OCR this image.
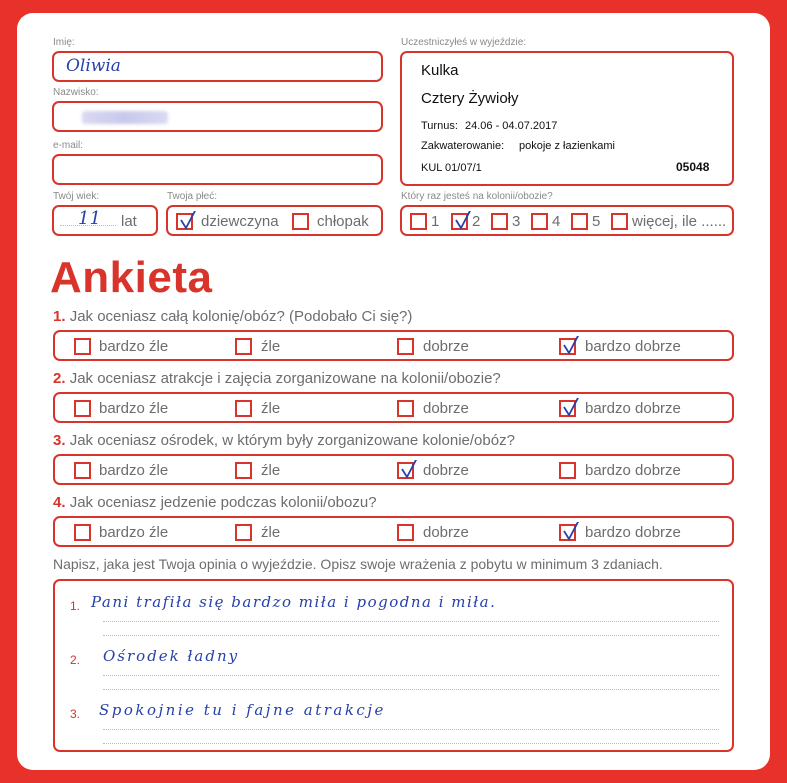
Imię:
Oliwia
Nazwisko:
e-mail:
Twój wiek:
11 lat
Twoja płeć:
dziewczyna	chłopak
Uczestniczyłeś w wyjeździe:
Kulka
Cztery Żywioły
Turnus: 24.06 - 04.07.2017
Zakwaterowanie: pokoje z łazienkami
KUL 01/07/1	05048
Który raz jesteś na kolonii/obozie?
1 2 3 4 5 więcej, ile ......
Ankieta
1. Jak oceniasz całą kolonię/obóz? (Podobało Ci się?)
bardzo źle	źle	dobrze	bardzo dobrze
2. Jak oceniasz atrakcje i zajęcia zorganizowane na kolonii/obozie?
bardzo źle	źle	dobrze	bardzo dobrze
3. Jak oceniasz ośrodek, w którym były zorganizowane kolonie/obóz?
bardzo źle	źle	dobrze	bardzo dobrze
4. Jak oceniasz jedzenie podczas kolonii/obozu?
bardzo źle	źle	dobrze	bardzo dobrze
Napisz, jaka jest Twoja opinia o wyjeździe. Opisz swoje wrażenia z pobytu w minimum 3 zdaniach.
1. Pani trafiła się bardzo miła i pogodna i miła.
2. Ośrodek ładny
3. Spokojnie tu i fajne atrakcje
